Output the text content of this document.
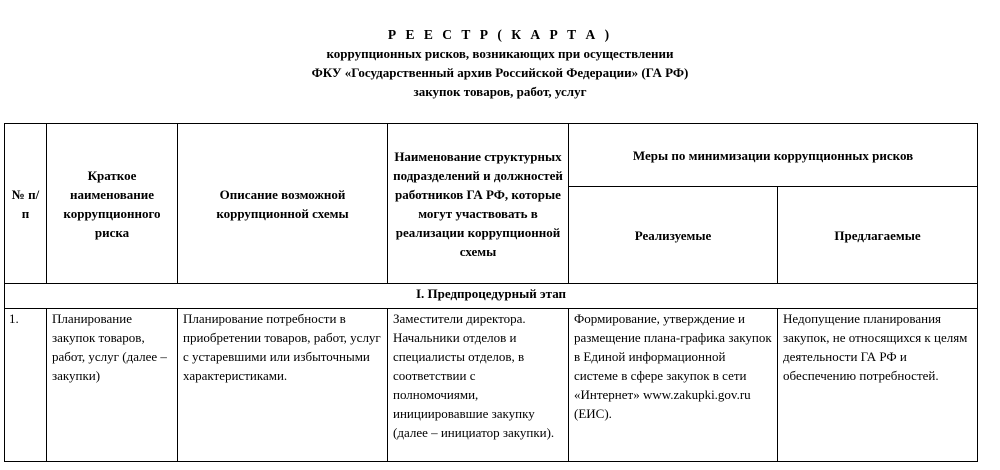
Р Е Е С Т Р ( К А Р Т А )
коррупционных рисков, возникающих при осуществлении
ФКУ «Государственный архив Российской Федерации» (ГА РФ)
закупок товаров, работ, услуг
№ п/п	Краткое наименование коррупционного риска	Описание возможной коррупционной схемы	Наименование структурных подразделений и должностей работников ГА РФ, которые могут участвовать в реализации коррупционной схемы	Меры по минимизации коррупционных рисков	
				Реализуемые	Предлагаемые
I. Предпроцедурный этап					
1.	Планирование закупок товаров, работ, услуг (далее – закупки)	Планирование потребности в приобретении товаров, работ, услуг с устаревшими или избыточными характеристиками.	Заместители директора. Начальники отделов и специалисты отделов, в соответствии с полномочиями, инициировавшие закупку (далее – инициатор закупки).	Формирование, утверждение и размещение плана-графика закупок в Единой информационной системе в сфере закупок в сети «Интернет» www.zakupki.gov.ru (ЕИС).	Недопущение планирования закупок, не относящихся к целям деятельности ГА РФ и обеспечению потребностей.
